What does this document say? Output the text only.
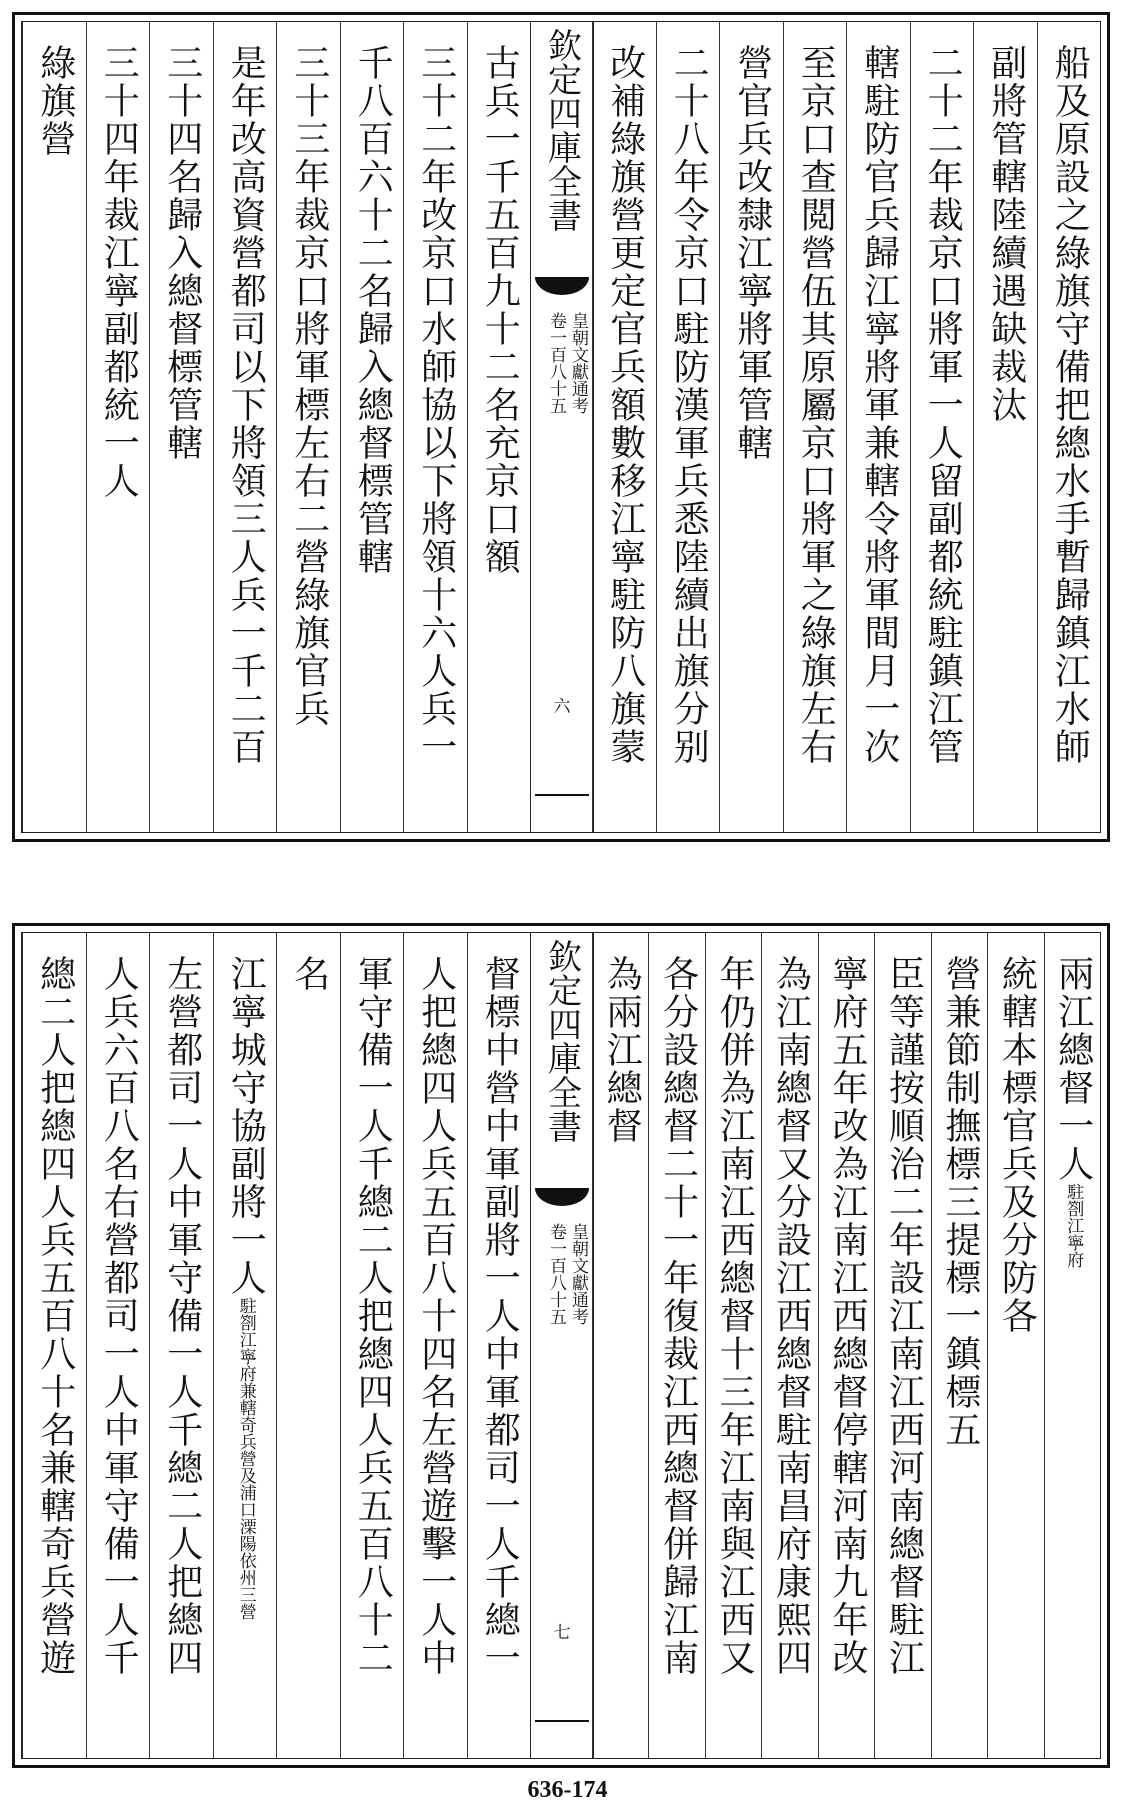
船及原設之綠旗守備把總水手暫歸鎮江水師
副將管轄陸續遇缺裁汰
二十二年裁京口將軍一人留副都統駐鎮江管
轄駐防官兵歸江寧將軍兼轄令將軍間月一次
至京口查閲營伍其原屬京口將軍之綠旗左右
營官兵改隸江寧將軍管轄
二十八年令京口駐防漢軍兵悉陸續出旗分别
改補綠旗營更定官兵額數移江寧駐防八旗蒙
古兵一千五百九十二名充京口額
三十二年改京口水師協以下將領十六人兵一
千八百六十二名歸入總督標管轄
三十三年裁京口將軍標左右二營綠旗官兵
是年改高資營都司以下將領三人兵一千二百
三十四名歸入總督標管轄
三十四年裁江寧副都統一人
綠旗營	欽定四庫全書
皇朝文獻通考
卷一百八十五
六
兩江總督一人
駐劄江寧府
統轄本標官兵及分防各
營兼節制撫標三提標一鎮標五
臣等謹按順治二年設江南江西河南總督駐江
寧府五年改為江南江西總督停轄河南九年改
為江南總督又分設江西總督駐南昌府康熙四
年仍併為江南江西總督十三年江南與江西又
各分設總督二十一年復裁江西總督併歸江南
為兩江總督
督標中營中軍副將一人中軍都司一人千總一
人把總四人兵五百八十四名左營遊擊一人中
軍守備一人千總二人把總四人兵五百八十二
名
江寧城守協副將一人
駐劄江寧府兼轄奇兵營及浦口溧陽依州三營
左營都司一人中軍守備一人千總二人把總四
人兵六百八名右營都司一人中軍守備一人千
總二人把總四人兵五百八十名兼轄奇兵營遊	欽定四庫全書
皇朝文獻通考
卷一百八十五
七
636-174
